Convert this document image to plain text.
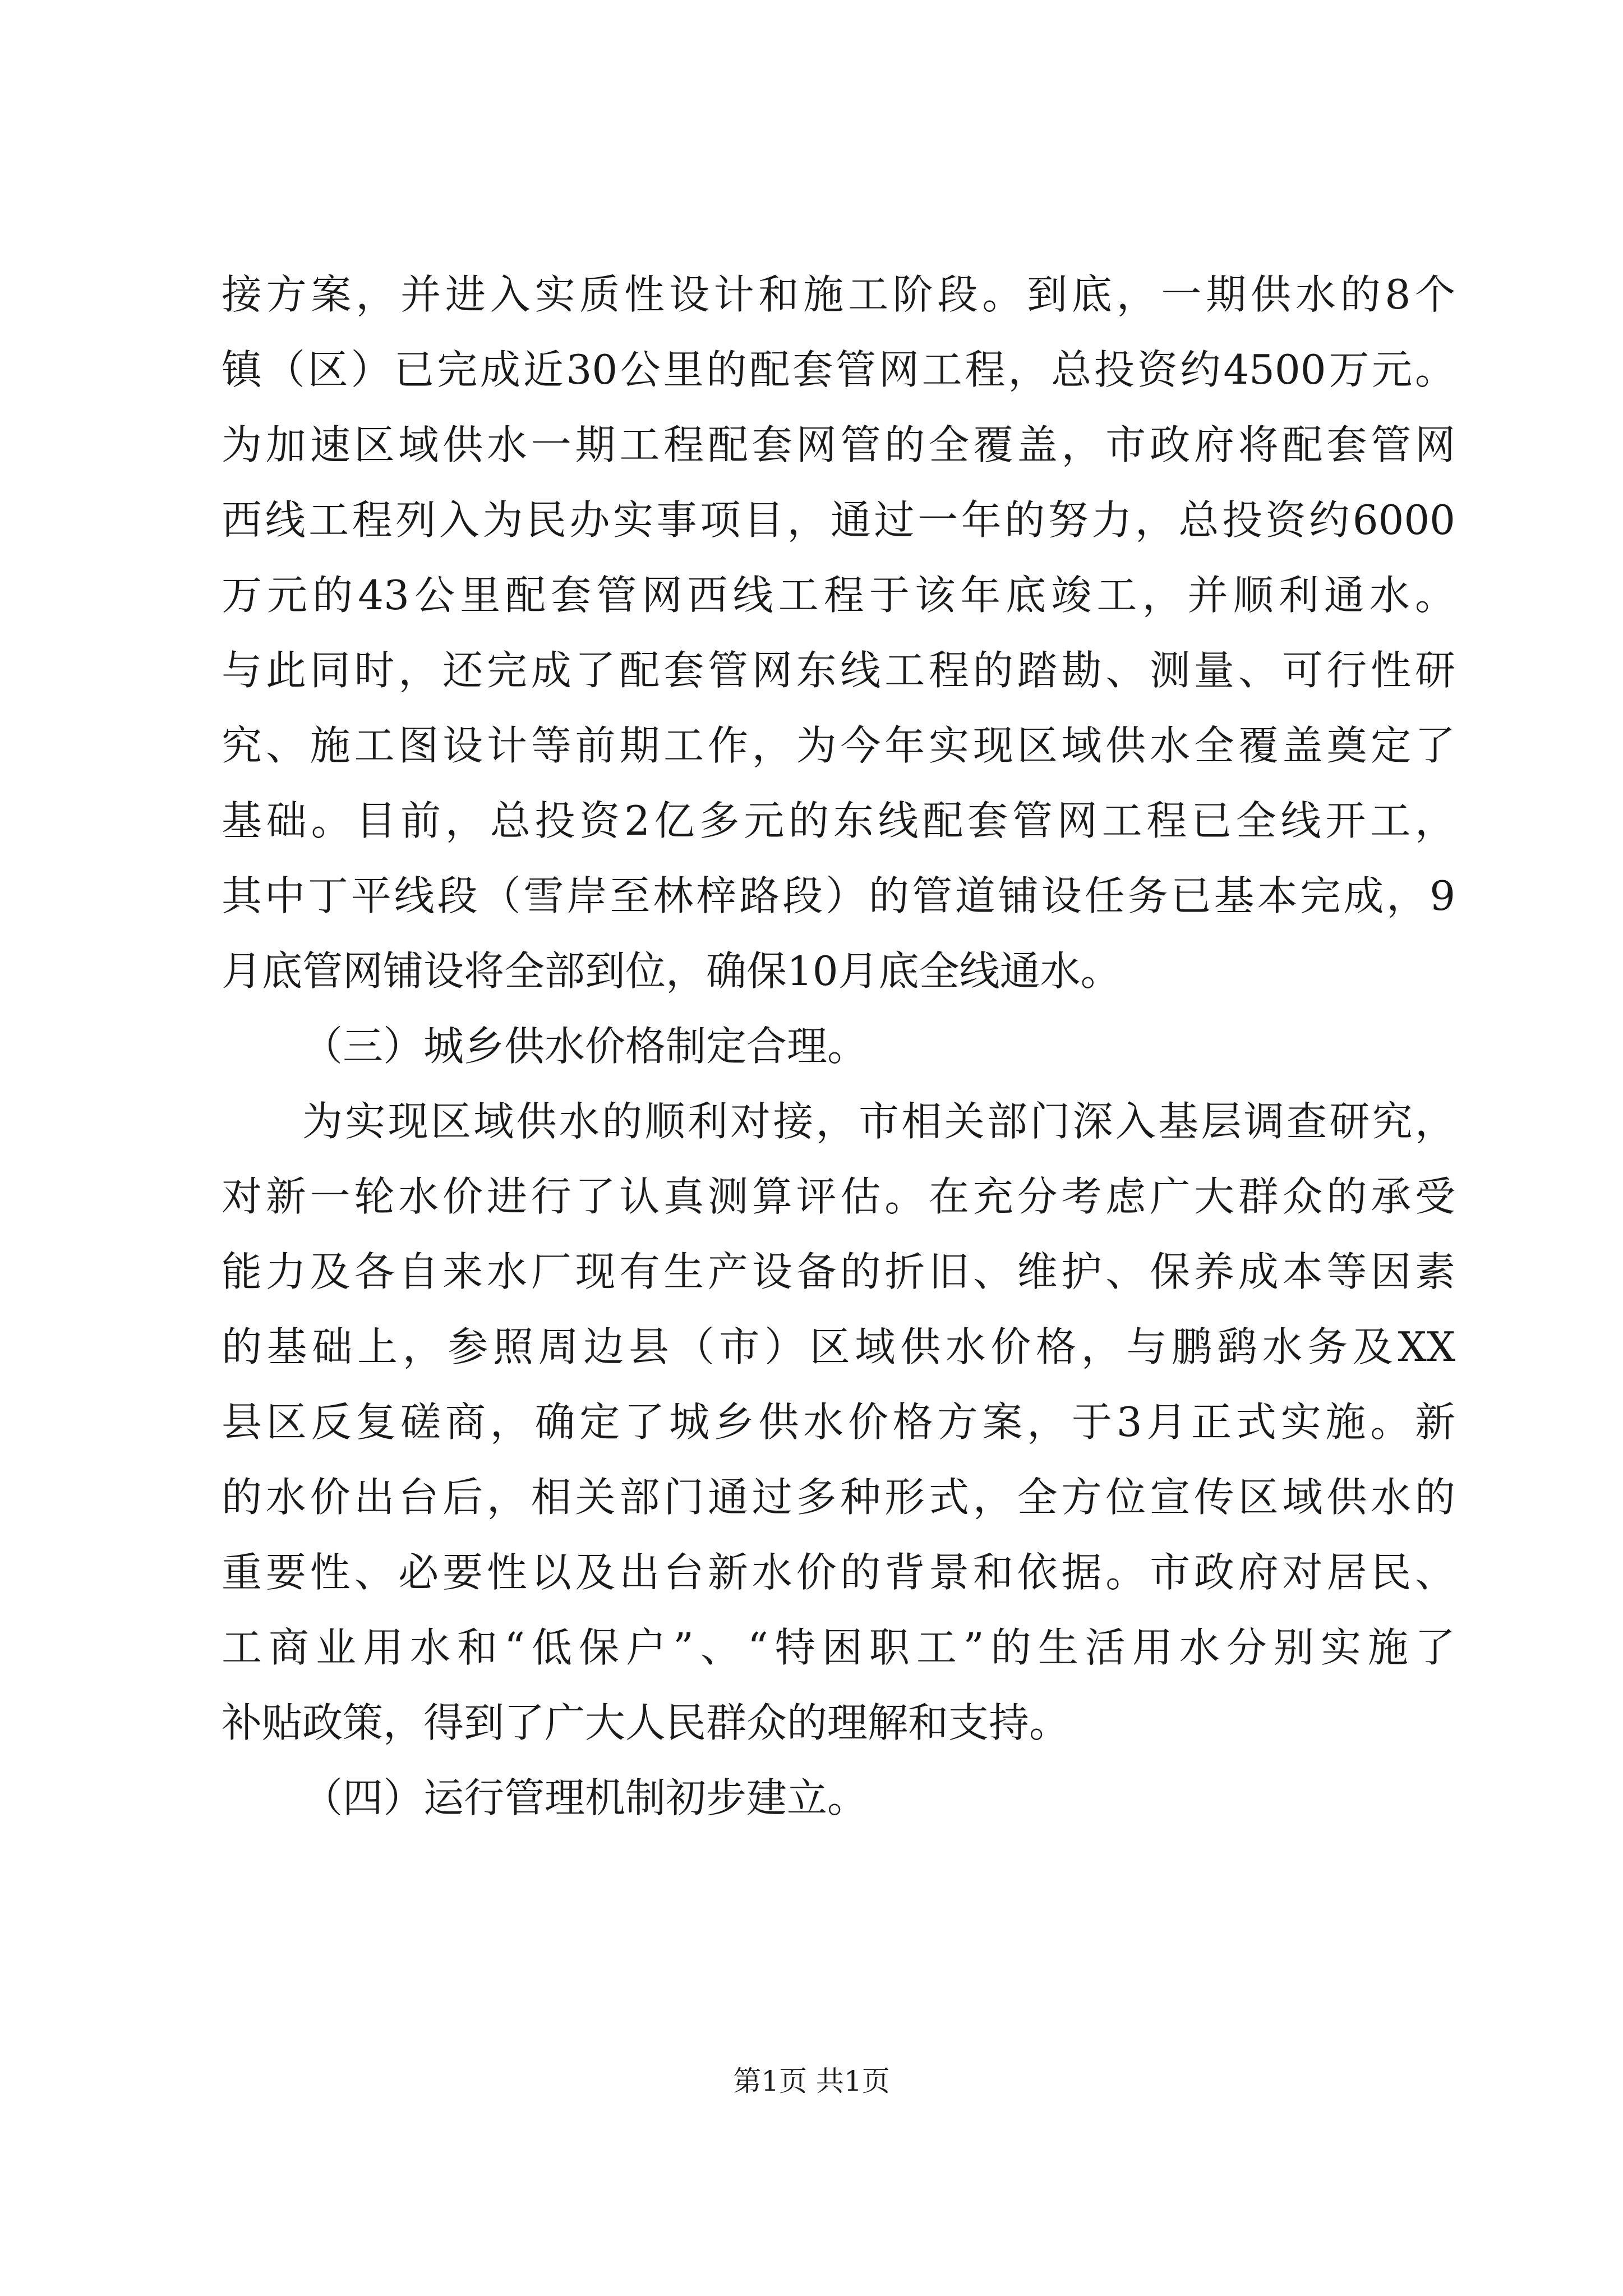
接方案，并进入实质性设计和施工阶段。到底，一期供水的8个
镇（区）已完成近30公里的配套管网工程，总投资约4500万元。
为加速区域供水一期工程配套网管的全覆盖，市政府将配套管网
西线工程列入为民办实事项目，通过一年的努力，总投资约6000
万元的43公里配套管网西线工程于该年底竣工，并顺利通水。
与此同时，还完成了配套管网东线工程的踏勘、测量、可行性研
究、施工图设计等前期工作，为今年实现区域供水全覆盖奠定了
基础。目前，总投资2亿多元的东线配套管网工程已全线开工，
其中丁平线段（雪岸至林梓路段）的管道铺设任务已基本完成，9
月底管网铺设将全部到位，确保10月底全线通水。
（三）城乡供水价格制定合理。
为实现区域供水的顺利对接，市相关部门深入基层调查研究，
对新一轮水价进行了认真测算评估。在充分考虑广大群众的承受
能力及各自来水厂现有生产设备的折旧、维护、保养成本等因素
的基础上，参照周边县（市）区域供水价格，与鹏鹞水务及XX
县区反复磋商，确定了城乡供水价格方案，于3月正式实施。新
的水价出台后，相关部门通过多种形式，全方位宣传区域供水的
重要性、必要性以及出台新水价的背景和依据。市政府对居民、
工商业用水和“低保户”、“特困职工”的生活用水分别实施了
补贴政策，得到了广大人民群众的理解和支持。
（四）运行管理机制初步建立。
第1页 共1页
